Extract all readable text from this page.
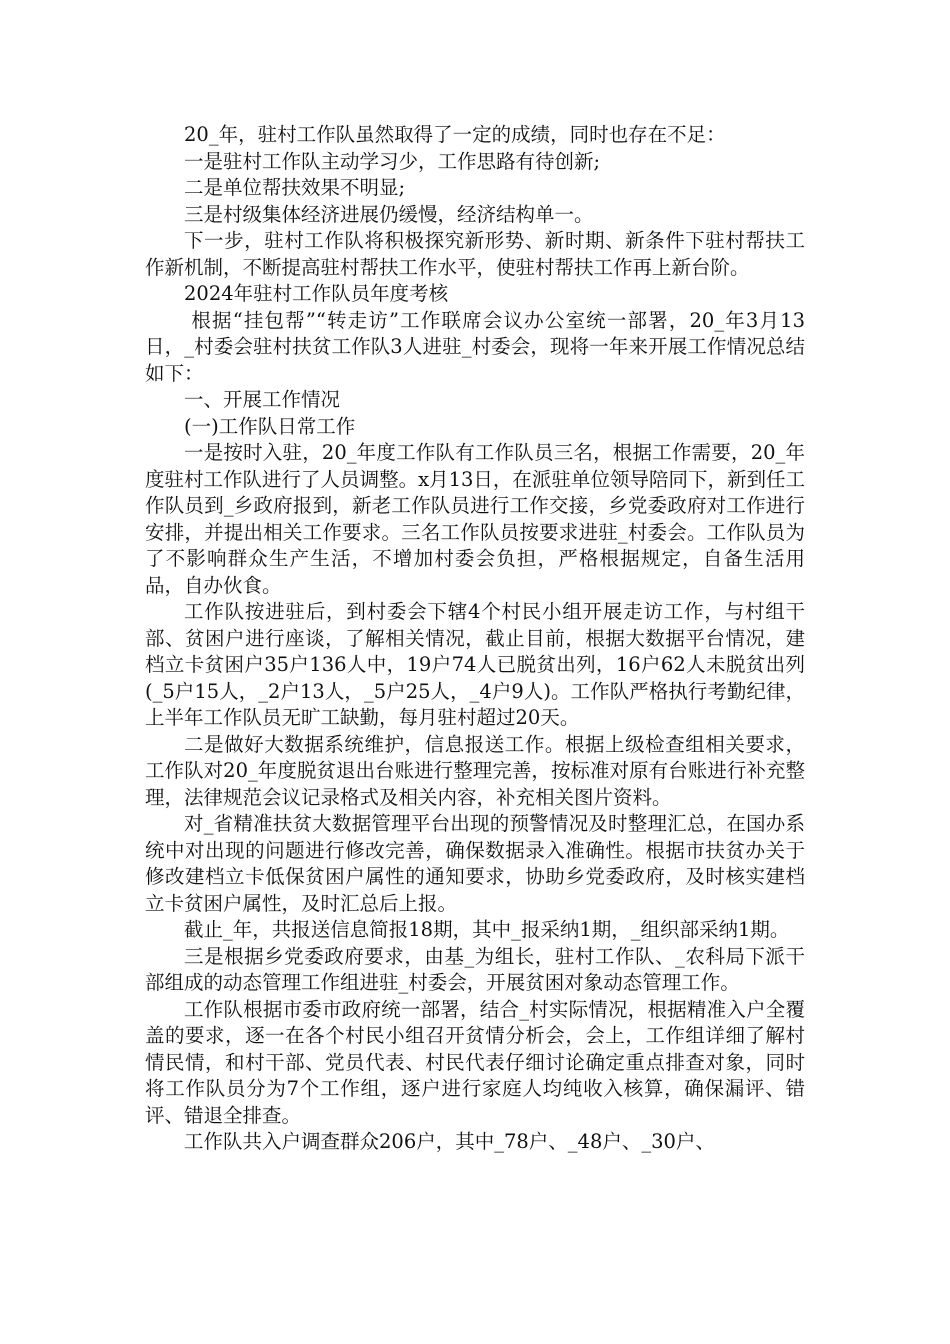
20_年，驻村工作队虽然取得了一定的成绩，同时也存在不足：

一是驻村工作队主动学习少，工作思路有待创新;

二是单位帮扶效果不明显;

三是村级集体经济进展仍缓慢，经济结构单一。

下一步，驻村工作队将积极探究新形势、新时期、新条件下驻村帮扶工作新机制，不断提高驻村帮扶工作水平，使驻村帮扶工作再上新台阶。

2024年驻村工作队员年度考核

根据“挂包帮”“转走访”工作联席会议办公室统一部署，20_年3月13日，_村委会驻村扶贫工作队3人进驻_村委会，现将一年来开展工作情况总结如下：

一、开展工作情况

(一)工作队日常工作

一是按时入驻，20_年度工作队有工作队员三名，根据工作需要，20_年度驻村工作队进行了人员调整。x月13日，在派驻单位领导陪同下，新到任工作队员到_乡政府报到，新老工作队员进行工作交接，乡党委政府对工作进行安排，并提出相关工作要求。三名工作队员按要求进驻_村委会。工作队员为了不影响群众生产生活，不增加村委会负担，严格根据规定，自备生活用品，自办伙食。

工作队按进驻后，到村委会下辖4个村民小组开展走访工作，与村组干部、贫困户进行座谈，了解相关情况，截止目前，根据大数据平台情况，建档立卡贫困户35户136人中，19户74人已脱贫出列，16户62人未脱贫出列(_5户15人，_2户13人，_5户25人，_4户9人)。工作队严格执行考勤纪律，上半年工作队员无旷工缺勤，每月驻村超过20天。

二是做好大数据系统维护，信息报送工作。根据上级检查组相关要求，工作队对20_年度脱贫退出台账进行整理完善，按标准对原有台账进行补充整理，法律规范会议记录格式及相关内容，补充相关图片资料。

对_省精准扶贫大数据管理平台出现的预警情况及时整理汇总，在国办系统中对出现的问题进行修改完善，确保数据录入准确性。根据市扶贫办关于修改建档立卡低保贫困户属性的通知要求，协助乡党委政府，及时核实建档立卡贫困户属性，及时汇总后上报。

截止_年，共报送信息简报18期，其中_报采纳1期，_组织部采纳1期。

三是根据乡党委政府要求，由基_为组长，驻村工作队、_农科局下派干部组成的动态管理工作组进驻_村委会，开展贫困对象动态管理工作。

工作队根据市委市政府统一部署，结合_村实际情况，根据精准入户全覆盖的要求，逐一在各个村民小组召开贫情分析会，会上，工作组详细了解村情民情，和村干部、党员代表、村民代表仔细讨论确定重点排查对象，同时将工作队员分为7个工作组，逐户进行家庭人均纯收入核算，确保漏评、错评、错退全排查。

工作队共入户调查群众206户，其中_78户、_48户、_30户、
